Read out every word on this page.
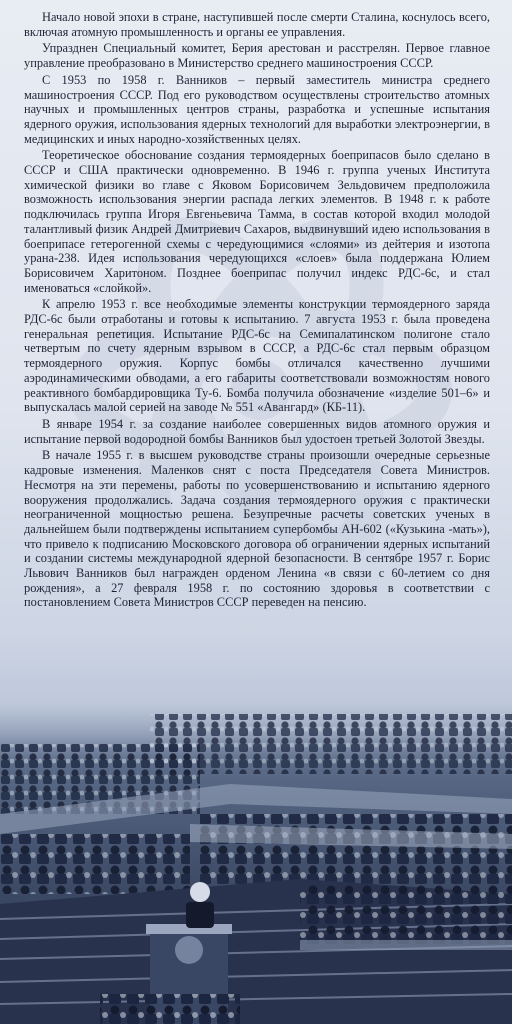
Начало новой эпохи в стране, наступившей после смерти Сталина, коснулось всего, включая атомную промышленность и органы ее управления.

Упразднен Специальный комитет, Берия арестован и расстрелян. Первое главное управление преобразовано в Министерство среднего машиностроения СССР.

С 1953 по 1958 г. Ванников – первый заместитель министра среднего машиностроения СССР. Под его руководством осуществлены строительство атомных научных и промышленных центров страны, разработка и успешные испытания ядерного оружия, использования ядерных технологий для выработки электроэнергии, в медицинских и иных народно-хозяйственных целях.

Теоретическое обоснование создания термоядерных боеприпасов было сделано в СССР и США практически одновременно. В 1946 г. группа ученых Института химической физики во главе с Яковом Борисовичем Зельдовичем предположила возможность использования энергии распада легких элементов. В 1948 г. к работе подключилась группа Игоря Евгеньевича Тамма, в состав которой входил молодой талантливый физик Андрей Дмитриевич Сахаров, выдвинувший идею использования в боеприпасе гетерогенной схемы с чередующимися «слоями» из дейтерия и изотопа урана-238. Идея использования чередующихся «слоев» была поддержана Юлием Борисовичем Харитоном. Позднее боеприпас получил индекс РДС-6с, и стал именоваться «слойкой».

К апрелю 1953 г. все необходимые элементы конструкции термоядерного заряда РДС-6с были отработаны и готовы к испытанию. 7 августа 1953 г. была проведена генеральная репетиция. Испытание РДС-6с на Семипалатинском полигоне стало четвертым по счету ядерным взрывом в СССР, а РДС-6с стал первым образцом термоядерного оружия. Корпус бомбы отличался качественно лучшими аэродинамическими обводами, а его габариты соответствовали возможностям нового реактивного бомбардировщика Ту-6. Бомба получила обозначение «изделие 501–6» и выпускалась малой серией на заводе № 551 «Авангард» (КБ-11).

В январе 1954 г. за создание наиболее совершенных видов атомного оружия и испытание первой водородной бомбы Ванников был удостоен третьей Золотой Звезды.

В начале 1955 г. в высшем руководстве страны произошли очередные серьезные кадровые изменения. Маленков снят с поста Председателя Совета Министров. Несмотря на эти перемены, работы по усовершенствованию и испытанию ядерного вооружения продолжались. Задача создания термоядерного оружия с практически неограниченной мощностью решена. Безупречные расчеты советских ученых в дальнейшем были подтверждены испытанием супербомбы АН-602 («Кузькина -мать»), что привело к подписанию Московского договора об ограничении ядерных испытаний и создании системы международной ядерной безопасности. В сентябре 1957 г. Борис Львович Ванников был награжден орденом Ленина «в связи с 60-летием со дня рождения», а 27 февраля 1958 г. по состоянию здоровья в соответствии с постановлением Совета Министров СССР переведен на пенсию.
